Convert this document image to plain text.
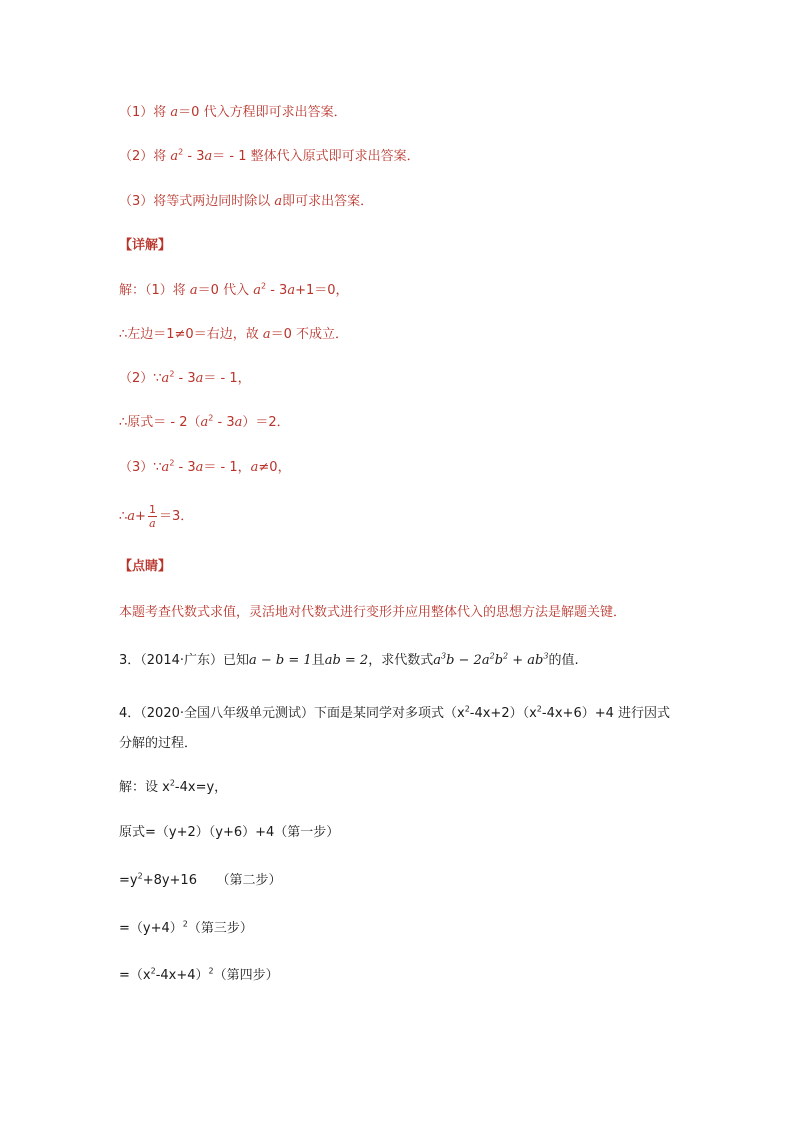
（1）将 a＝0 代入方程即可求出答案．
（2）将 $a^2 - 3a= - 1$ 整体代入原式即可求出答案．
（3）将等式两边同时除以 a即可求出答案．
【详解】
解：（1）将 a＝0 代入 $a^2 - 3a+1=0$，
∴左边＝1≠0＝右边，故 a＝0 不成立．
$(2)\because a^2 - 3a= - 1$，
∴原式＝ - $2(a^2 - 3a)=2$．
$(3)\because a^2 - 3a= - 1$，a≠0，
∴a+ $\frac{1}{a} =3$．
【点睛】
本题考查代数式求值，灵活地对代数式进行变形并应用整体代入的思想方法是解题关键．
3．（2014·广东）已知a − b = 1且ab = 2，求代数式$a^3b - 2a^2b^2 + ab^3$的值.
4．（2020·全国八年级单元测试）下面是某同学对多项式$(x^2-4x+2)(x^2-4x+6)+4$ 进行因式
分解的过程．
解：设 $x^2-4x=y$，
原式=（y+2）（y+6）+4（第一步）
$=y^2+8y+16$　　（第二步）
$=(y+4)^2$（第三步）
$=(x^2-4x+4)^2$（第四步）
